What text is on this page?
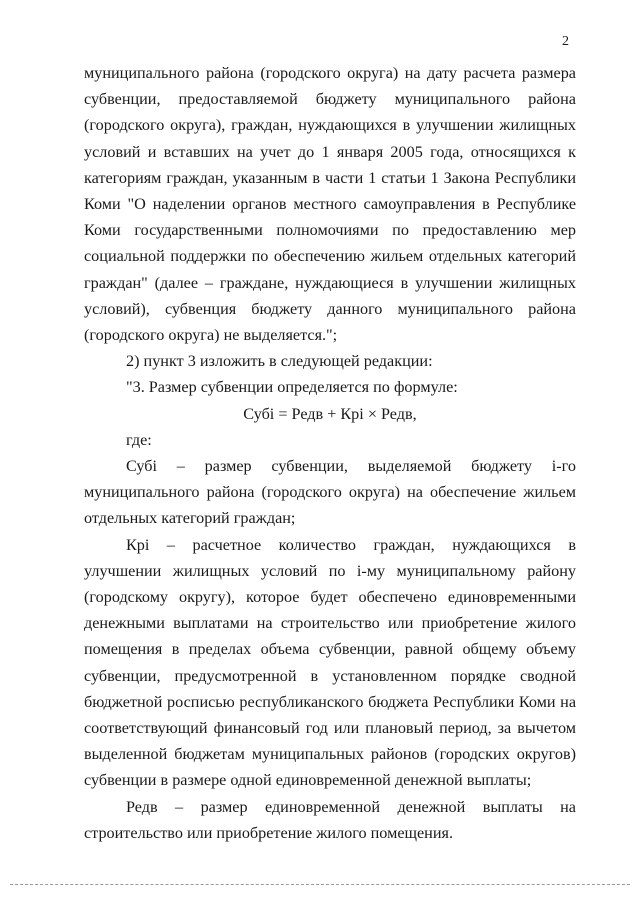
2

муниципального района (городского округа) на дату расчета размера субвенции, предоставляемой бюджету муниципального района (городского округа), граждан, нуждающихся в улучшении жилищных условий и вставших на учет до 1 января 2005 года, относящихся к категориям граждан, указанным в части 1 статьи 1 Закона Республики Коми "О наделении органов местного самоуправления в Республике Коми государственными полномочиями по предоставлению мер социальной поддержки по обеспечению жильем отдельных категорий граждан" (далее – граждане, нуждающиеся в улучшении жилищных условий), субвенция бюджету данного муниципального района (городского округа) не выделяется.";

2) пункт 3 изложить в следующей редакции:

"3. Размер субвенции определяется по формуле:

Субi = Редв + Крi × Редв,

где:

Субi – размер субвенции, выделяемой бюджету i-го муниципального района (городского округа) на обеспечение жильем отдельных категорий граждан;

Крi – расчетное количество граждан, нуждающихся в улучшении жилищных условий по i-му муниципальному району (городскому округу), которое будет обеспечено единовременными денежными выплатами на строительство или приобретение жилого помещения в пределах объема субвенции, равной общему объему субвенции, предусмотренной в установленном порядке сводной бюджетной росписью республиканского бюджета Республики Коми на соответствующий финансовый год или плановый период, за вычетом выделенной бюджетам муниципальных районов (городских округов) субвенции в размере одной единовременной денежной выплаты;

Редв – размер единовременной денежной выплаты на строительство или приобретение жилого помещения.
